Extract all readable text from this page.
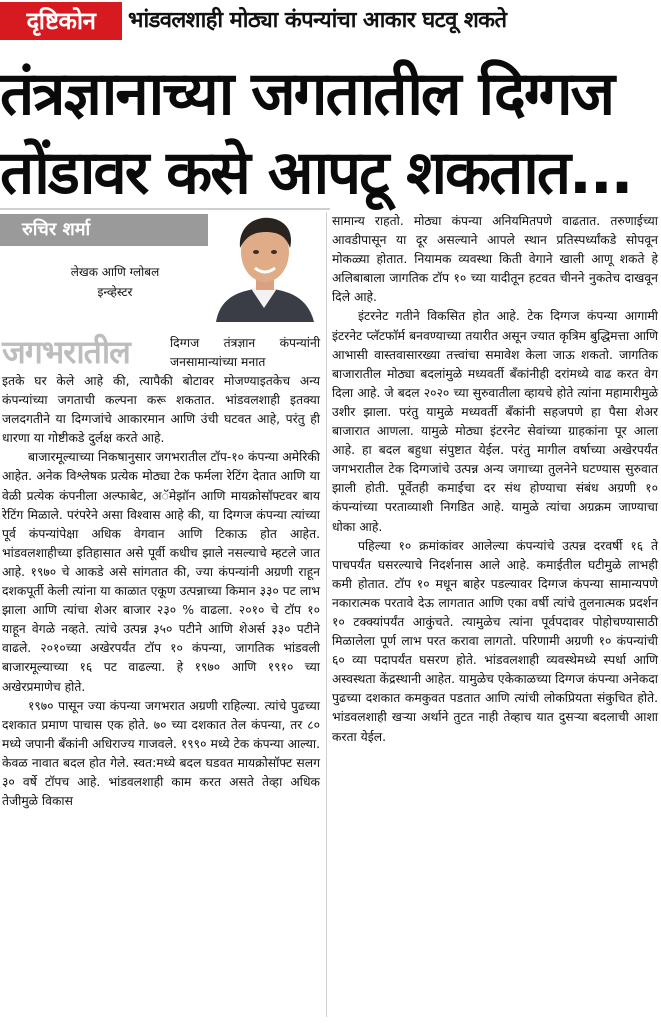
दृष्टिकोन	भांडवलशाही मोठ्या कंपन्यांचा आकार घटवू शकते
तंत्रज्ञानाच्या जगतातील दिग्गज
तोंडावर कसे आपटू शकतात...
रुचिर शर्मा
लेखक आणि ग्लोबल
इन्व्हेस्टर
जगभरातील	दिग्गज तंत्रज्ञान कंपन्यांनी जनसामान्यांच्या मनात

इतके घर केले आहे की, त्यापैकी बोटावर मोजण्याइतकेच अन्य कंपन्यांच्या जगताची कल्पना करू शकतात. भांडवलशाही इतक्या जलदगतीने या दिग्गजांचे आकारमान आणि उंची घटवत आहे, परंतु ही धारणा या गोष्टीकडे दुर्लक्ष करते आहे.

बाजारमूल्याच्या निकषानुसार जगभरातील टॉप-१० कंपन्या अमेरिकी आहेत. अनेक विश्लेषक प्रत्येक मोठ्या टेक फर्मला रेटिंग देतात आणि या वेळी प्रत्येक कंपनीला अल्फाबेट, अॅमेझॉन आणि मायक्रोसॉफ्टवर बाय रेटिंग मिळाले. परंपरेने असा विश्वास आहे की, या दिग्गज कंपन्या त्यांच्या पूर्व कंपन्यांपेक्षा अधिक वेगवान आणि टिकाऊ होत आहेत. भांडवलशाहीच्या इतिहासात असे पूर्वी कधीच झाले नसल्याचे म्हटले जात आहे. १९७० चे आकडे असे सांगतात की, ज्या कंपन्यांनी अग्रणी राहून दशकपूर्ती केली त्यांना या काळात एकूण उत्पन्नाच्या किमान ३३० पट लाभ झाला आणि त्यांचा शेअर बाजार २३० % वाढला. २०१० चे टॉप १० याहून वेगळे नव्हते. त्यांचे उत्पन्न ३५० पटीने आणि शेअर्स ३३० पटीने वाढले. २०१०च्या अखेरपर्यंत टॉप १० कंपन्या, जागतिक भांडवली बाजारमूल्याच्या १६ पट वाढल्या. हे १९७० आणि १९१० च्या अखेरप्रमाणेच होते.

१९७० पासून ज्या कंपन्या जगभरात अग्रणी राहिल्या. त्यांचे पुढच्या दशकात प्रमाण पाचास एक होते. ७० च्या दशकात तेल कंपन्या, तर ८० मध्ये जपानी बँकांनी अधिराज्य गाजवले. १९९० मध्ये टेक कंपन्या आल्या. केवळ नावात बदल होत गेले. स्वत:मध्ये बदल घडवत मायक्रोसॉफ्ट सलग ३० वर्षे टॉपच आहे. भांडवलशाही काम करत असते तेव्हा अधिक तेजीमुळे विकास

सामान्य राहतो. मोठ्या कंपन्या अनियमितपणे वाढतात. तरुणाईच्या आवडीपासून या दूर असल्याने आपले स्थान प्रतिस्पर्ध्यांकडे सोपवून मोकळ्या होतात. नियामक व्यवस्था किती वेगाने खाली आणू शकते हे अलिबाबाला जागतिक टॉप १० च्या यादीतून हटवत चीनने नुकतेच दाखवून दिले आहे.

इंटरनेट गतीने विकसित होत आहे. टेक दिग्गज कंपन्या आगामी इंटरनेट प्लॅटफाॅर्म बनवण्याच्या तयारीत असून ज्यात कृत्रिम बुद्धिमत्ता आणि आभासी वास्तवासारख्या तत्त्वांचा समावेश केला जाऊ शकतो. जागतिक बाजारातील मोठ्या बदलांमुळे मध्यवर्ती बँकांनीही दरांमध्ये वाढ करत वेग दिला आहे. जे बदल २०२० च्या सुरुवातीला व्हायचे होते त्यांना महामारीमुळे उशीर झाला. परंतु यामुळे मध्यवर्ती बँकांनी सहजपणे हा पैसा शेअर बाजारात आणला. यामुळे मोठ्या इंटरनेट सेवांच्या ग्राहकांना पूर आला आहे. हा बदल बहुधा संपुष्टात येईल. परंतु मागील वर्षाच्या अखेरपर्यंत जगभरातील टेक दिग्गजांचे उत्पन्न अन्य जगाच्या तुलनेने घटण्यास सुरुवात झाली होती. पूर्वेतही कमाईचा दर संथ होण्याचा संबंध अग्रणी १० कंपन्यांच्या परताव्याशी निगडित आहे. यामुळे त्यांचा अग्रक्रम जाण्याचा धोका आहे.

पहिल्या १० क्रमांकांवर आलेल्या कंपन्यांचे उत्पन्न दरवर्षी १६ ते पाचपर्यंत घसरल्याचे निदर्शनास आले आहे. कमाईतील घटीमुळे लाभही कमी होतात. टॉप १० मधून बाहेर पडल्यावर दिग्गज कंपन्या सामान्यपणे नकारात्मक परतावे देऊ लागतात आणि एका वर्षी त्यांचे तुलनात्मक प्रदर्शन १० टक्क्यांपर्यंत आकुंचते. त्यामुळेच त्यांना पूर्वपदावर पोहोचण्यासाठी मिळालेला पूर्ण लाभ परत करावा लागतो. परिणामी अग्रणी १० कंपन्यांची ६० व्या पदापर्यंत घसरण होते. भांडवलशाही व्यवस्थेमध्ये स्पर्धा आणि अस्वस्थता केंद्रस्थानी आहेत. यामुळेच एकेकाळच्या दिग्गज कंपन्या अनेकदा पुढच्या दशकात कमकुवत पडतात आणि त्यांची लोकप्रियता संकुचित होते. भांडवलशाही खऱ्या अर्थाने तुटत नाही तेव्हाच यात दुसऱ्या बदलाची आशा करता येईल.
